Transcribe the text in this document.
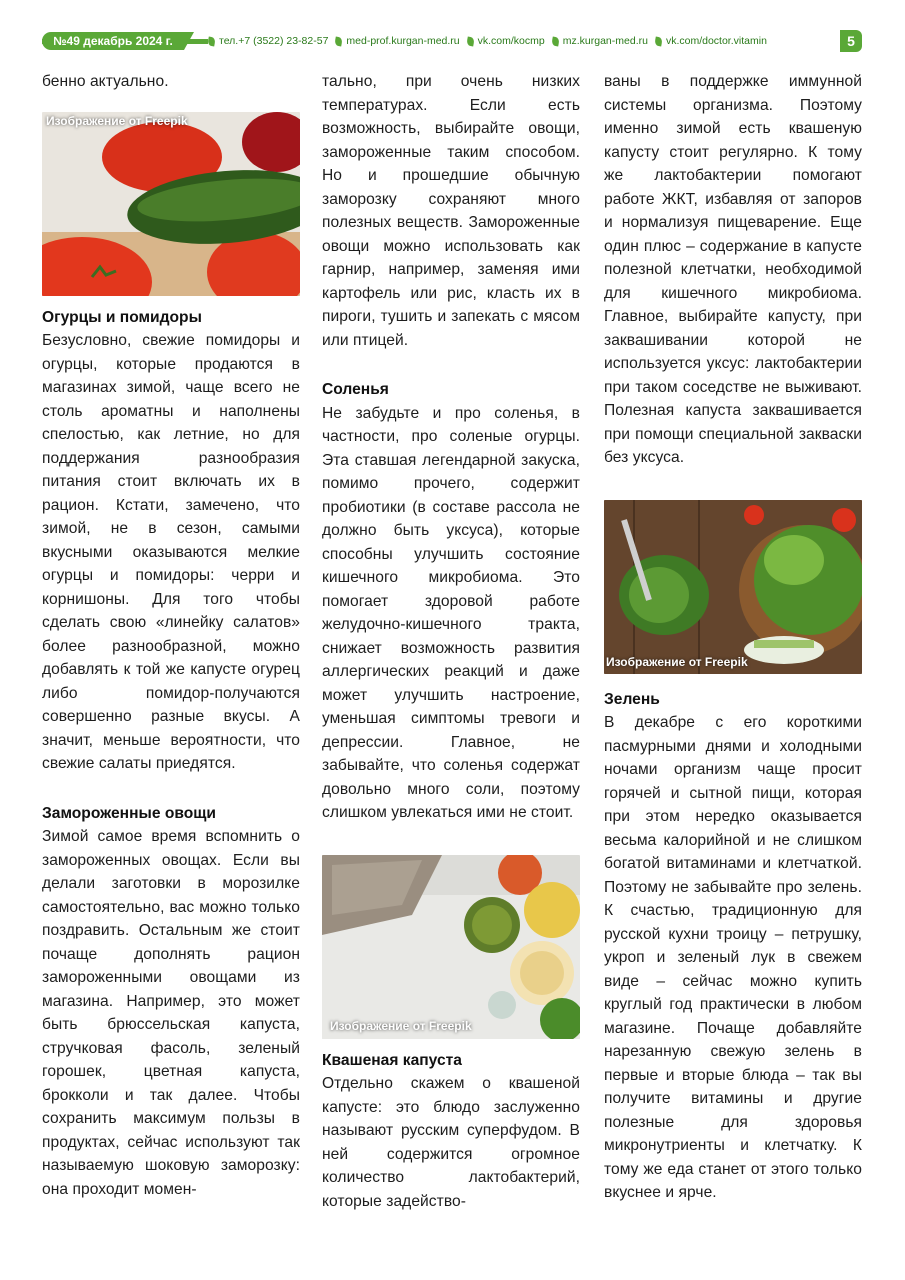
№49 декабрь 2024 г.	тел.+7 (3522) 23-82-57 med-prof.kurgan-med.ru vk.com/kocmp mz.kurgan-med.ru vk.com/doctor.vitamin	5

бенно актуально.

Изображение от Freepik
Огурцы и помидоры

Безусловно, свежие помидоры и огурцы, которые продаются в магазинах зимой, чаще всего не столь ароматны и наполнены спелостью, как летние, но для поддержания разнообразия питания стоит включать их в рацион. Кстати, замечено, что зимой, не в сезон, самыми вкусными оказываются мелкие огурцы и помидоры: черри и корнишоны. Для того чтобы сделать свою «линейку салатов» более разнообразной, можно добавлять к той же капусте огурец либо помидор-получаются совершенно разные вкусы. А значит, меньше вероятности, что свежие салаты приедятся.

Замороженные овощи

Зимой самое время вспомнить о замороженных овощах. Если вы делали заготовки в морозилке самостоятельно, вас можно только поздравить. Остальным же стоит почаще дополнять рацион замороженными овощами из магазина. Например, это может быть брюссельская капуста, стручковая фасоль, зеленый горошек, цветная капуста, брокколи и так далее. Чтобы сохранить максимум пользы в продуктах, сейчас используют так называемую шоковую заморозку: она проходит момен-

тально, при очень низких температурах. Если есть возможность, выбирайте овощи, замороженные таким способом. Но и прошедшие обычную заморозку сохраняют много полезных веществ. Замороженные овощи можно использовать как гарнир, например, заменяя ими картофель или рис, класть их в пироги, тушить и запекать с мясом или птицей.

Соленья

Не забудьте и про соленья, в частности, про соленые огурцы. Эта ставшая легендарной закуска, помимо прочего, содержит пробиотики (в составе рассола не должно быть уксуса), которые способны улучшить состояние кишечного микробиома. Это помогает здоровой работе желудочно-кишечного тракта, снижает возможность развития аллергических реакций и даже может улучшить настроение, уменьшая симптомы тревоги и депрессии. Главное, не забывайте, что соленья содержат довольно много соли, поэтому слишком увлекаться ими не стоит.

Изображение от Freepik
Квашеная капуста

Отдельно скажем о квашеной капусте: это блюдо заслуженно называют русским суперфудом. В ней содержится огромное количество лактобактерий, которые задейство-

ваны в поддержке иммунной системы организма. Поэтому именно зимой есть квашеную капусту стоит регулярно. К тому же лактобактерии помогают работе ЖКТ, избавляя от запоров и нормализуя пищеварение. Еще один плюс – содержание в капусте полезной клетчатки, необходимой для кишечного микробиома. Главное, выбирайте капусту, при заквашивании которой не используется уксус: лактобактерии при таком соседстве не выживают. Полезная капуста заквашивается при помощи специальной закваски без уксуса.

Изображение от Freepik
Зелень

В декабре с его короткими пасмурными днями и холодными ночами организм чаще просит горячей и сытной пищи, которая при этом нередко оказывается весьма калорийной и не слишком богатой витаминами и клетчаткой. Поэтому не забывайте про зелень. К счастью, традиционную для русской кухни троицу – петрушку, укроп и зеленый лук в свежем виде – сейчас можно купить круглый год практически в любом магазине. Почаще добавляйте нарезанную свежую зелень в первые и вторые блюда – так вы получите витамины и другие полезные для здоровья микронутриенты и клетчатку. К тому же еда станет от этого только вкуснее и ярче.
